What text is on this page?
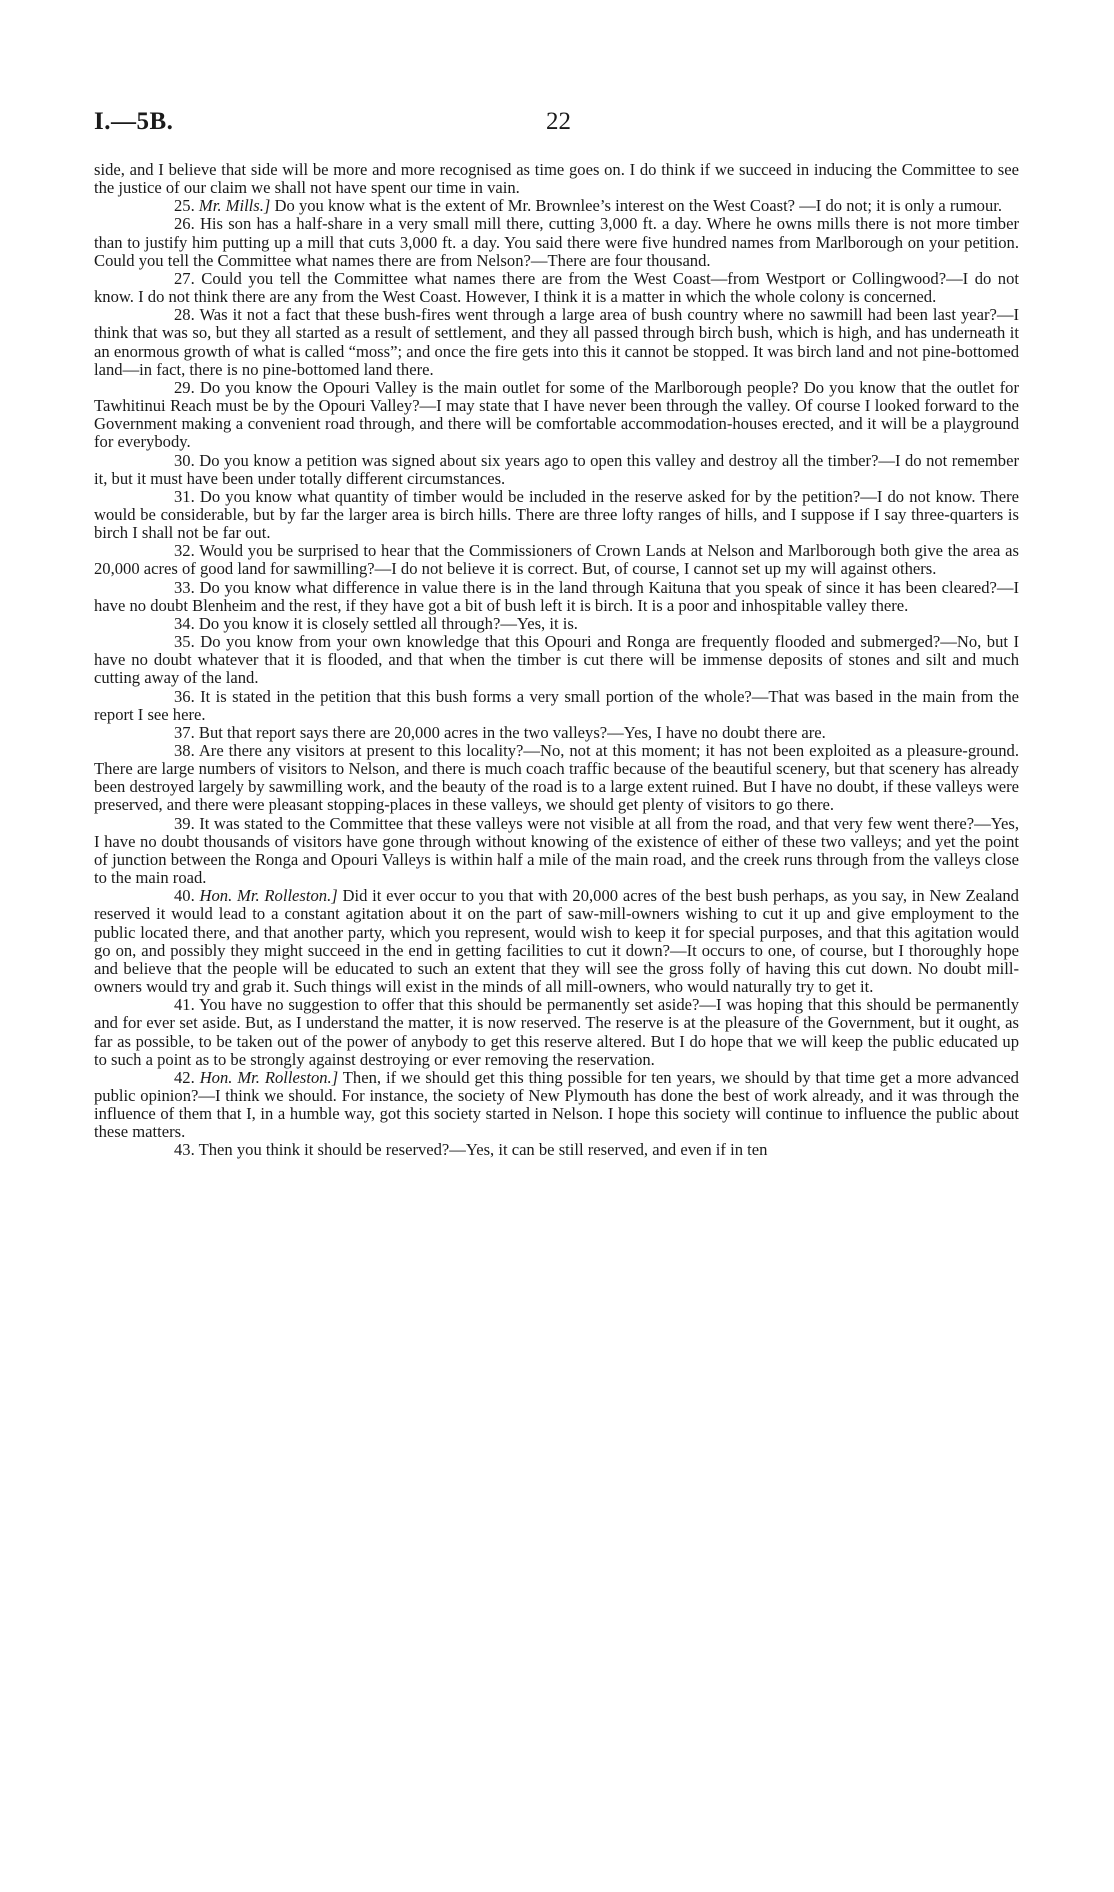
I.—5B.	22

side, and I believe that side will be more and more recognised as time goes on. I do think if we succeed in inducing the Committee to see the justice of our claim we shall not have spent our time in vain.

25. Mr. Mills.] Do you know what is the extent of Mr. Brownlee’s interest on the West Coast? —I do not; it is only a rumour.

26. His son has a half-share in a very small mill there, cutting 3,000 ft. a day. Where he owns mills there is not more timber than to justify him putting up a mill that cuts 3,000 ft. a day. You said there were five hundred names from Marlborough on your petition. Could you tell the Committee what names there are from Nelson?—There are four thousand.

27. Could you tell the Committee what names there are from the West Coast—from Westport or Collingwood?—I do not know. I do not think there are any from the West Coast. However, I think it is a matter in which the whole colony is concerned.

28. Was it not a fact that these bush-fires went through a large area of bush country where no sawmill had been last year?—I think that was so, but they all started as a result of settlement, and they all passed through birch bush, which is high, and has underneath it an enormous growth of what is called “moss”; and once the fire gets into this it cannot be stopped. It was birch land and not pine-bottomed land—in fact, there is no pine-bottomed land there.

29. Do you know the Opouri Valley is the main outlet for some of the Marlborough people? Do you know that the outlet for Tawhitinui Reach must be by the Opouri Valley?—I may state that I have never been through the valley. Of course I looked forward to the Government making a convenient road through, and there will be comfortable accommodation-houses erected, and it will be a playground for everybody.

30. Do you know a petition was signed about six years ago to open this valley and destroy all the timber?—I do not remember it, but it must have been under totally different circumstances.

31. Do you know what quantity of timber would be included in the reserve asked for by the petition?—I do not know. There would be considerable, but by far the larger area is birch hills. There are three lofty ranges of hills, and I suppose if I say three-quarters is birch I shall not be far out.

32. Would you be surprised to hear that the Commissioners of Crown Lands at Nelson and Marlborough both give the area as 20,000 acres of good land for sawmilling?—I do not believe it is correct. But, of course, I cannot set up my will against others.

33. Do you know what difference in value there is in the land through Kaituna that you speak of since it has been cleared?—I have no doubt Blenheim and the rest, if they have got a bit of bush left it is birch. It is a poor and inhospitable valley there.

34. Do you know it is closely settled all through?—Yes, it is.

35. Do you know from your own knowledge that this Opouri and Ronga are frequently flooded and submerged?—No, but I have no doubt whatever that it is flooded, and that when the timber is cut there will be immense deposits of stones and silt and much cutting away of the land.

36. It is stated in the petition that this bush forms a very small portion of the whole?—That was based in the main from the report I see here.

37. But that report says there are 20,000 acres in the two valleys?—Yes, I have no doubt there are.

38. Are there any visitors at present to this locality?—No, not at this moment; it has not been exploited as a pleasure-ground. There are large numbers of visitors to Nelson, and there is much coach traffic because of the beautiful scenery, but that scenery has already been destroyed largely by sawmilling work, and the beauty of the road is to a large extent ruined. But I have no doubt, if these valleys were preserved, and there were pleasant stopping-places in these valleys, we should get plenty of visitors to go there.

39. It was stated to the Committee that these valleys were not visible at all from the road, and that very few went there?—Yes, I have no doubt thousands of visitors have gone through without knowing of the existence of either of these two valleys; and yet the point of junction between the Ronga and Opouri Valleys is within half a mile of the main road, and the creek runs through from the valleys close to the main road.

40. Hon. Mr. Rolleston.] Did it ever occur to you that with 20,000 acres of the best bush perhaps, as you say, in New Zealand reserved it would lead to a constant agitation about it on the part of saw-mill-owners wishing to cut it up and give employment to the public located there, and that another party, which you represent, would wish to keep it for special purposes, and that this agitation would go on, and possibly they might succeed in the end in getting facilities to cut it down?—It occurs to one, of course, but I thoroughly hope and believe that the people will be educated to such an extent that they will see the gross folly of having this cut down. No doubt mill-owners would try and grab it. Such things will exist in the minds of all mill-owners, who would naturally try to get it.

41. You have no suggestion to offer that this should be permanently set aside?—I was hoping that this should be permanently and for ever set aside. But, as I understand the matter, it is now reserved. The reserve is at the pleasure of the Government, but it ought, as far as possible, to be taken out of the power of anybody to get this reserve altered. But I do hope that we will keep the public educated up to such a point as to be strongly against destroying or ever removing the reservation.

42. Hon. Mr. Rolleston.] Then, if we should get this thing possible for ten years, we should by that time get a more advanced public opinion?—I think we should. For instance, the society of New Plymouth has done the best of work already, and it was through the influence of them that I, in a humble way, got this society started in Nelson. I hope this society will continue to influence the public about these matters.

43. Then you think it should be reserved?—Yes, it can be still reserved, and even if in ten
